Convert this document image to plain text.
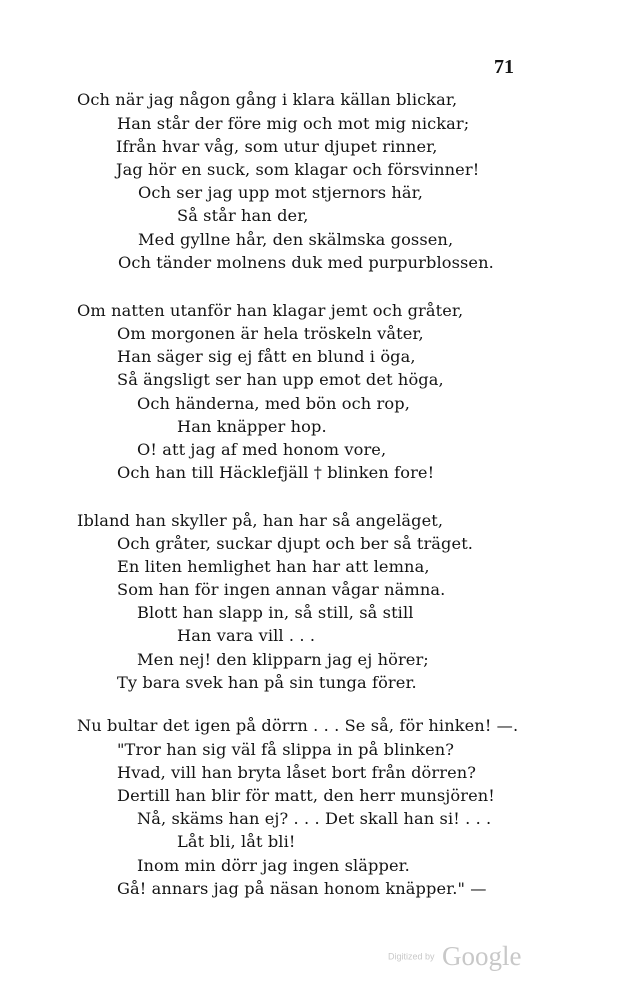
71
Och när jag någon gång i klara källan blickar,
Han står der före mig och mot mig nickar;
Ifrån hvar våg, som utur djupet rinner,
Jag hör en suck, som klagar och försvinner!
Och ser jag upp mot stjernors här,
Så står han der,
Med gyllne hår, den skälmska gossen,
Och tänder molnens duk med purpurblossen.
Om natten utanför han klagar jemt och gråter,
Om morgonen är hela tröskeln våter,
Han säger sig ej fått en blund i öga,
Så ängsligt ser han upp emot det höga,
Och händerna, med bön och rop,
Han knäpper hop.
O! att jag af med honom vore,
Och han till Häcklefjäll † blinken fore!
Ibland han skyller på, han har så angeläget,
Och gråter, suckar djupt och ber så träget.
En liten hemlighet han har att lemna,
Som han för ingen annan vågar nämna.
Blott han slapp in, så still, så still
Han vara vill . . .
Men nej! den klipparn jag ej hörer;
Ty bara svek han på sin tunga förer.
Nu bultar det igen på dörrn . . . Se så, för hinken! —.
"Tror han sig väl få slippa in på blinken?
Hvad, vill han bryta låset bort från dörren?
Dertill han blir för matt, den herr munsjören!
Nå, skäms han ej? . . . Det skall han si! . . .
Låt bli, låt bli!
Inom min dörr jag ingen släpper.
Gå! annars jag på näsan honom knäpper." —
Digitized by Google
